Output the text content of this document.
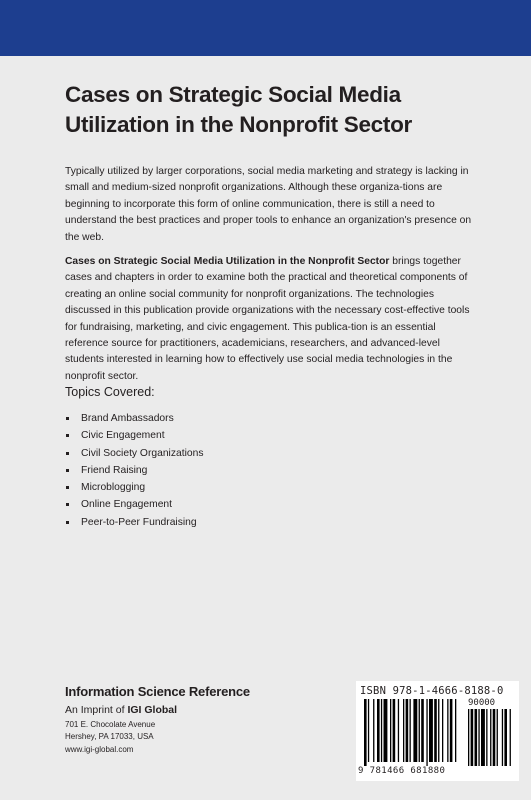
Cases on Strategic Social Media
Utilization in the Nonprofit Sector

Typically utilized by larger corporations, social media marketing and strategy is lacking in small and medium-sized nonprofit organizations. Although these organiza-tions are beginning to incorporate this form of online communication, there is still a need to understand the best practices and proper tools to enhance an organization's presence on the web.

Cases on Strategic Social Media Utilization in the Nonprofit Sector brings together cases and chapters in order to examine both the practical and theoretical components of creating an online social community for nonprofit organizations. The technologies discussed in this publication provide organizations with the necessary cost-effective tools for fundraising, marketing, and civic engagement. This publica-tion is an essential reference source for practitioners, academicians, researchers, and advanced-level students interested in learning how to effectively use social media technologies in the nonprofit sector.

Topics Covered:
Brand Ambassadors
Civic Engagement
Civil Society Organizations
Friend Raising
Microblogging
Online Engagement
Peer-to-Peer Fundraising

Information Science Reference

An Imprint of IGI Global

701 E. Chocolate Avenue

Hershey, PA 17033, USA

www.igi-global.com

ISBN 978-1-4666-8188-0
90000
9 781466 681880
